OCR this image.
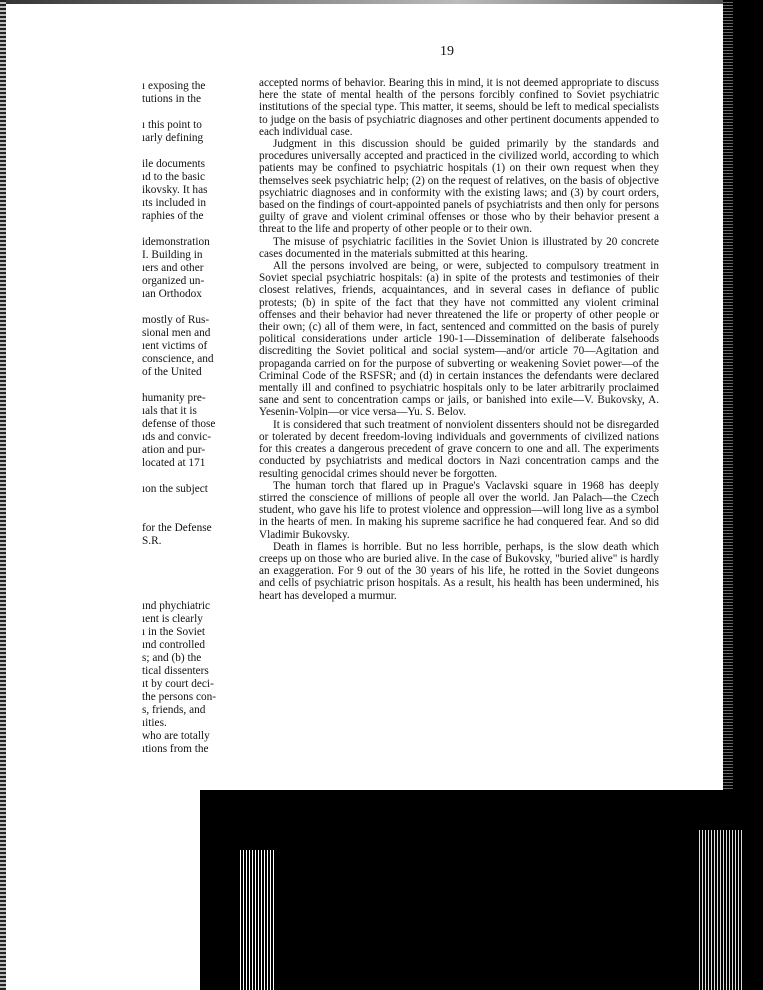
19
ı exposing the
tutions in the

ı this point to
ıarly defining

ile documents
ıd to the basic
ikovsky. It has
ıts included in
raphies of the

idemonstration
I. Building in
ıers and other
organized un-
ıan Orthodox

mostly of Rus-
sional men and
ıent victims of
conscience, and
of the United

humanity pre-
ıals that it is
defense of those
ıds and convic-
ation and pur-
located at 171

ıon the subject

for the Defense
S.R.

ınd phychiatric
ıent is clearly
ı in the Soviet
ınd controlled
s; and (b) the
tical dissenters
ıt by court deci-
the persons con-
s, friends, and
ıities.
who are totally
ıtions from the

accepted norms of behavior. Bearing this in mind, it is not deemed appropriate to discuss here the state of mental health of the persons forcibly confined to Soviet psychiatric institutions of the special type. This matter, it seems, should be left to medical specialists to judge on the basis of psychiatric diagnoses and other pertinent documents appended to each individual case.

Judgment in this discussion should be guided primarily by the standards and procedures universally accepted and practiced in the civilized world, according to which patients may be confined to psychiatric hospitals (1) on their own request when they themselves seek psychiatric help; (2) on the request of relatives, on the basis of objective psychiatric diagnoses and in conformity with the existing laws; and (3) by court orders, based on the findings of court-appointed panels of psychiatrists and then only for persons guilty of grave and violent criminal offenses or those who by their behavior present a threat to the life and property of other people or to their own.

The misuse of psychiatric facilities in the Soviet Union is illustrated by 20 concrete cases documented in the materials submitted at this hearing.

All the persons involved are being, or were, subjected to compulsory treatment in Soviet special psychiatric hospitals: (a) in spite of the protests and testimonies of their closest relatives, friends, acquaintances, and in several cases in defiance of public protests; (b) in spite of the fact that they have not committed any violent criminal offenses and their behavior had never threatened the life or property of other people or their own; (c) all of them were, in fact, sentenced and committed on the basis of purely political considerations under article 190-1—Dissemination of deliberate falsehoods discrediting the Soviet political and social system—and/or article 70—Agitation and propaganda carried on for the purpose of subverting or weakening Soviet power—of the Criminal Code of the RSFSR; and (d) in certain instances the defendants were declared mentally ill and confined to psychiatric hospitals only to be later arbitrarily proclaimed sane and sent to concentration camps or jails, or banished into exile—V. Bukovsky, A. Yesenin-Volpin—or vice versa—Yu. S. Belov.

It is considered that such treatment of nonviolent dissenters should not be disregarded or tolerated by decent freedom-loving individuals and governments of civilized nations for this creates a dangerous precedent of grave concern to one and all. The experiments conducted by psychiatrists and medical doctors in Nazi concentration camps and the resulting genocidal crimes should never be forgotten.

The human torch that flared up in Prague's Vaclavski square in 1968 has deeply stirred the conscience of millions of people all over the world. Jan Palach—the Czech student, who gave his life to protest violence and oppression—will long live as a symbol in the hearts of men. In making his supreme sacrifice he had conquered fear. And so did Vladimir Bukovsky.

Death in flames is horrible. But no less horrible, perhaps, is the slow death which creeps up on those who are buried alive. In the case of Bukovsky, "buried alive" is hardly an exaggeration. For 9 out of the 30 years of his life, he rotted in the Soviet dungeons and cells of psychiatric prison hospitals. As a result, his health has been undermined, his heart has developed a murmur.
